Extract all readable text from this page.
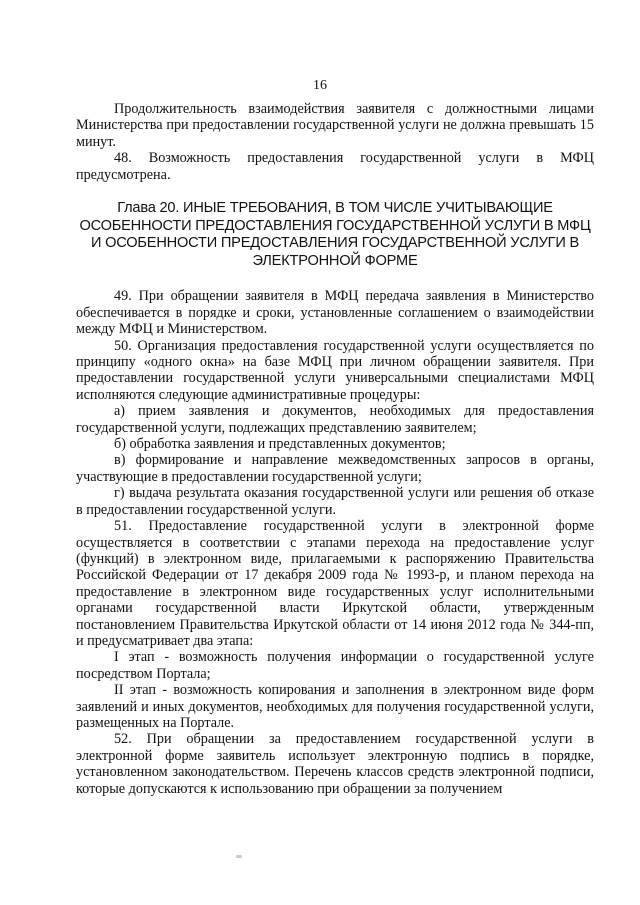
16

Продолжительность взаимодействия заявителя с должностными лицами Министерства при предоставлении государственной услуги не должна превышать 15 минут.

48. Возможность предоставления государственной услуги в МФЦ предусмотрена.

Глава 20. ИНЫЕ ТРЕБОВАНИЯ, В ТОМ ЧИСЛЕ УЧИТЫВАЮЩИЕ ОСОБЕННОСТИ ПРЕДОСТАВЛЕНИЯ ГОСУДАРСТВЕННОЙ УСЛУГИ В МФЦ И ОСОБЕННОСТИ ПРЕДОСТАВЛЕНИЯ ГОСУДАРСТВЕННОЙ УСЛУГИ В ЭЛЕКТРОННОЙ ФОРМЕ

49. При обращении заявителя в МФЦ передача заявления в Министерство обеспечивается в порядке и сроки, установленные соглашением о взаимодействии между МФЦ и Министерством.

50. Организация предоставления государственной услуги осуществляется по принципу «одного окна» на базе МФЦ при личном обращении заявителя. При предоставлении государственной услуги универсальными специалистами МФЦ исполняются следующие административные процедуры:

а) прием заявления и документов, необходимых для предоставления государственной услуги, подлежащих представлению заявителем;

б) обработка заявления и представленных документов;

в) формирование и направление межведомственных запросов в органы, участвующие в предоставлении государственной услуги;

г) выдача результата оказания государственной услуги или решения об отказе в предоставлении государственной услуги.

51. Предоставление государственной услуги в электронной форме осуществляется в соответствии с этапами перехода на предоставление услуг (функций) в электронном виде, прилагаемыми к распоряжению Правительства Российской Федерации от 17 декабря 2009 года № 1993-р, и планом перехода на предоставление в электронном виде государственных услуг исполнительными органами государственной власти Иркутской области, утвержденным постановлением Правительства Иркутской области от 14 июня 2012 года № 344-пп, и предусматривает два этапа:

I этап - возможность получения информации о государственной услуге посредством Портала;

II этап - возможность копирования и заполнения в электронном виде форм заявлений и иных документов, необходимых для получения государственной услуги, размещенных на Портале.

52. При обращении за предоставлением государственной услуги в электронной форме заявитель использует электронную подпись в порядке, установленном законодательством. Перечень классов средств электронной подписи, которые допускаются к использованию при обращении за получением
